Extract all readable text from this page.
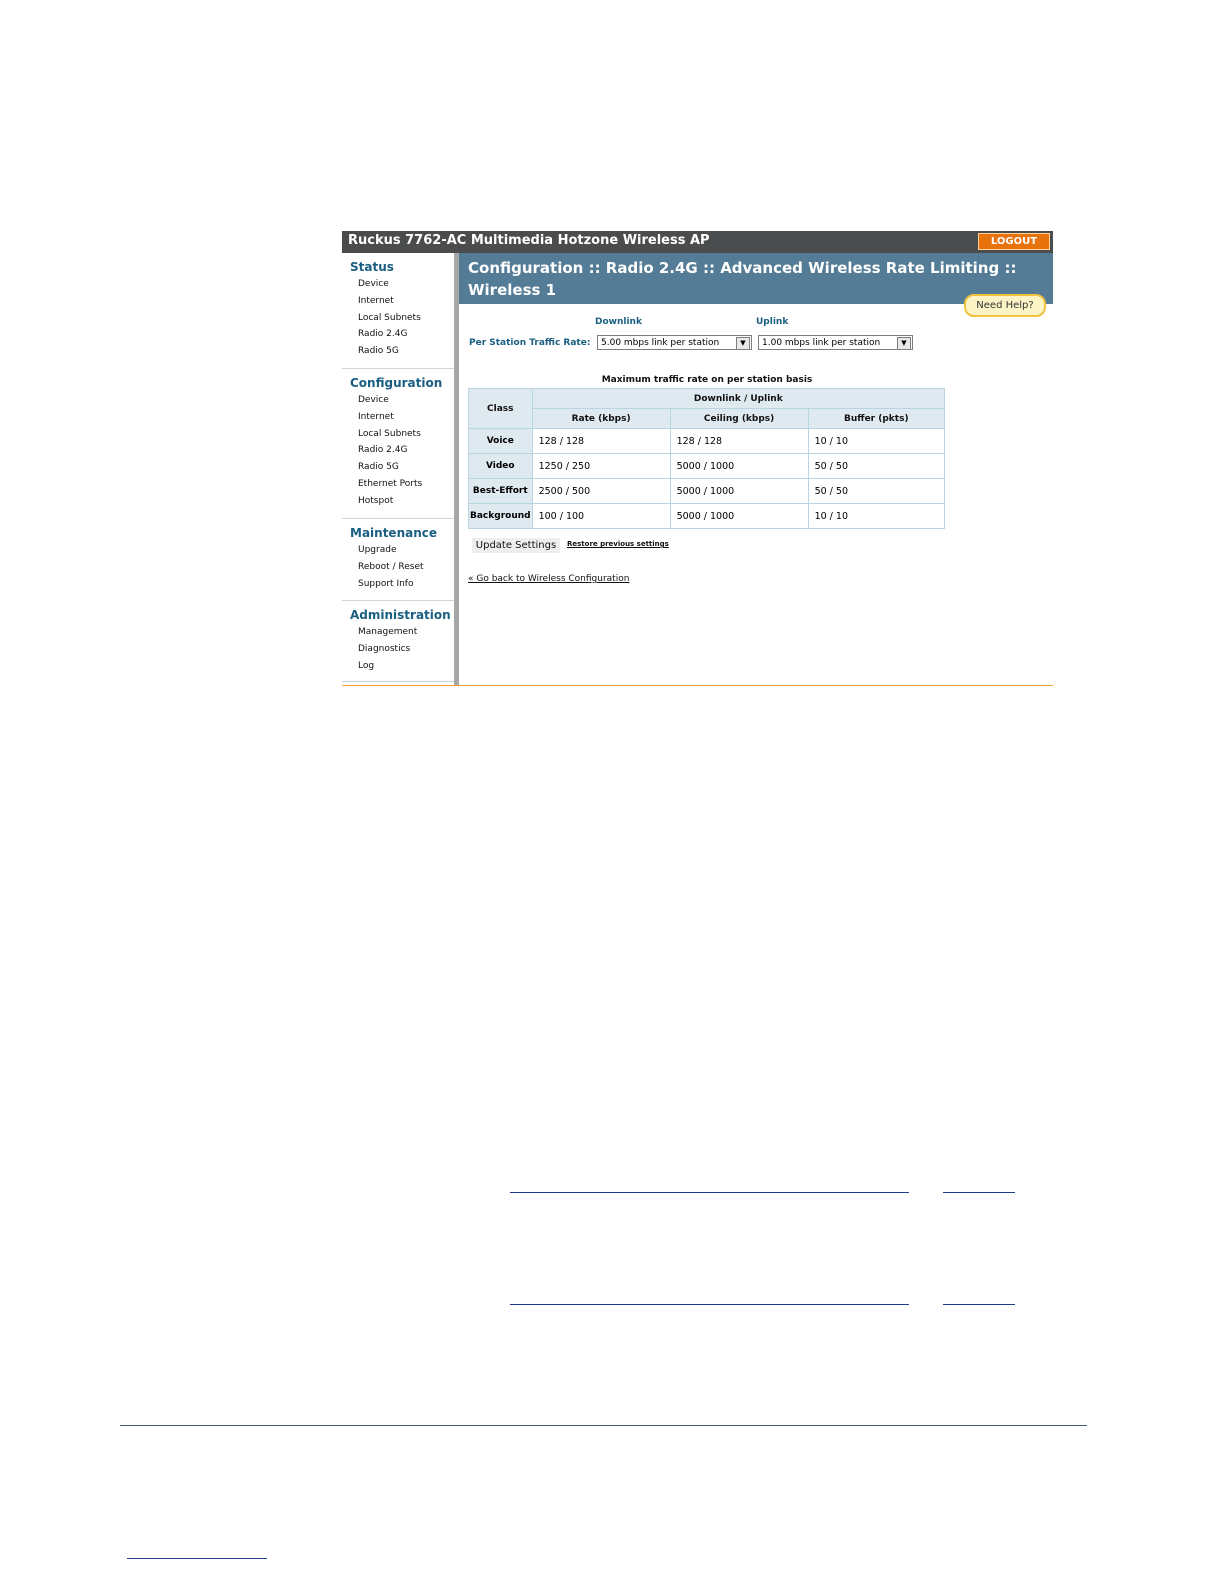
Ruckus 7762-AC Multimedia Hotzone Wireless AP	LOGOUT
Status
Device
Internet
Local Subnets
Radio 2.4G
Radio 5G
Configuration
Device
Internet
Local Subnets
Radio 2.4G
Radio 5G
Ethernet Ports
Hotspot
Maintenance
Upgrade
Reboot / Reset
Support Info
Administration
Management
Diagnostics
Log
Configuration :: Radio 2.4G :: Advanced Wireless Rate Limiting :: Wireless 1
Need Help?
Downlink	Uplink
Per Station Traffic Rate:	5.00 mbps link per station	▼	1.00 mbps link per station	▼
Maximum traffic rate on per station basis
Class	Downlink / Uplink		
	Rate (kbps)	Ceiling (kbps)	Buffer (pkts)
Voice	128 / 128	128 / 128	10 / 10
Video	1250 / 250	5000 / 1000	50 / 50
Best-Effort	2500 / 500	5000 / 1000	50 / 50
Background	100 / 100	5000 / 1000	10 / 10
Update Settings	Restore previous settings
« Go back to Wireless Configuration
